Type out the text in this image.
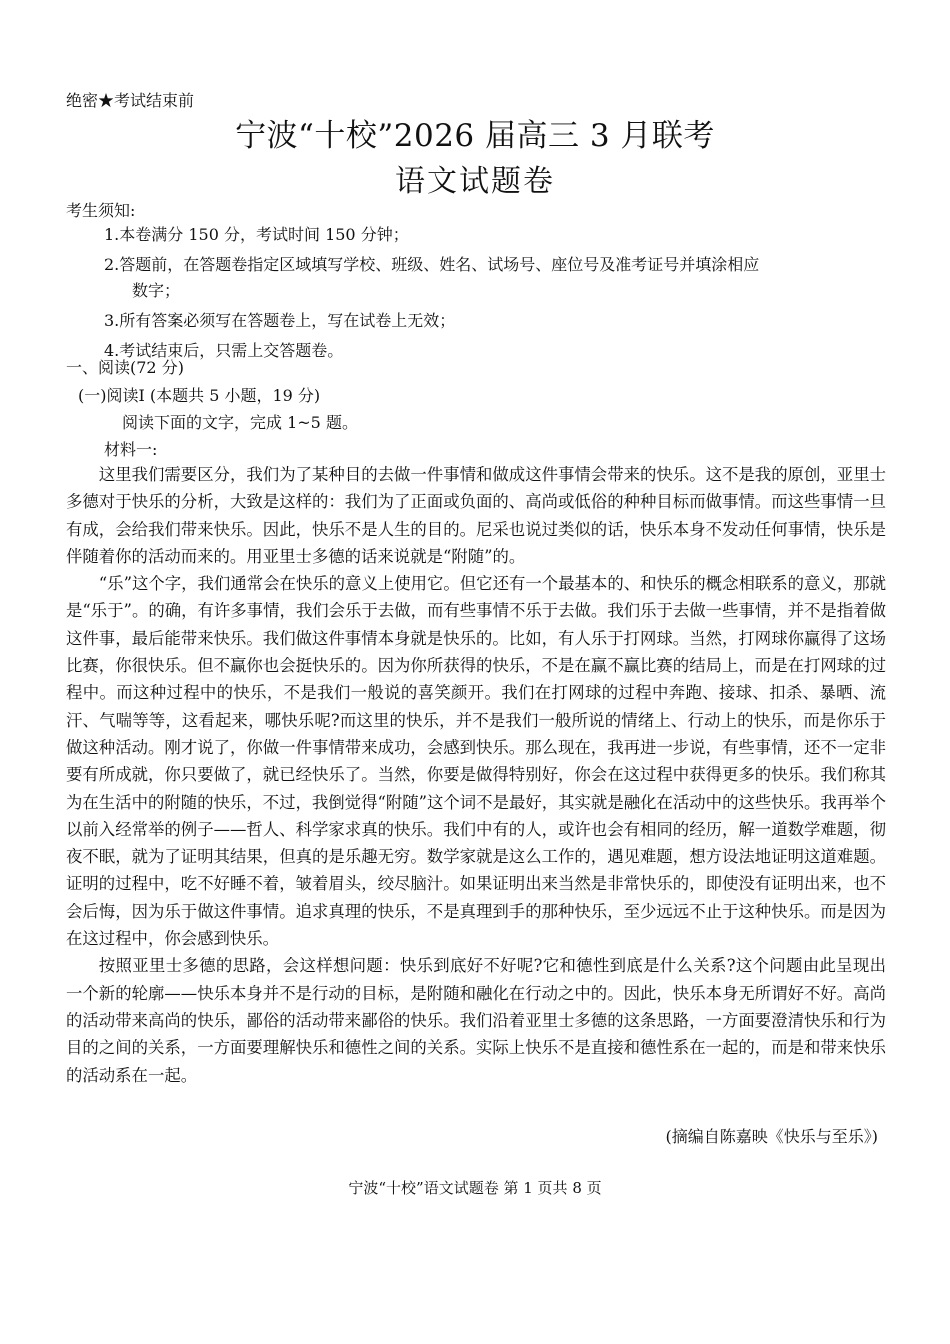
绝密★考试结束前
宁波“十校”2026 届高三 3 月联考
语文试题卷
考生须知:
1.本卷满分 150 分，考试时间 150 分钟；
2.答题前，在答题卷指定区域填写学校、班级、姓名、试场号、座位号及准考证号并填涂相应
数字；
3.所有答案必须写在答题卷上，写在试卷上无效；
4.考试结束后，只需上交答题卷。
一、阅读(72 分)
(一)阅读Ⅰ (本题共 5 小题，19 分)
阅读下面的文字，完成 1~5 题。
材料一:

这里我们需要区分，我们为了某种目的去做一件事情和做成这件事情会带来的快乐。这不是我的原创，亚里士多德对于快乐的分析，大致是这样的：我们为了正面或负面的、高尚或低俗的种种目标而做事情。而这些事情一旦有成，会给我们带来快乐。因此，快乐不是人生的目的。尼采也说过类似的话，快乐本身不发动任何事情，快乐是伴随着你的活动而来的。用亚里士多德的话来说就是“附随”的。

“乐”这个字，我们通常会在快乐的意义上使用它。但它还有一个最基本的、和快乐的概念相联系的意义，那就是“乐于”。的确，有许多事情，我们会乐于去做，而有些事情不乐于去做。我们乐于去做一些事情，并不是指着做这件事，最后能带来快乐。我们做这件事情本身就是快乐的。比如，有人乐于打网球。当然，打网球你赢得了这场比赛，你很快乐。但不赢你也会挺快乐的。因为你所获得的快乐，不是在赢不赢比赛的结局上，而是在打网球的过程中。而这种过程中的快乐，不是我们一般说的喜笑颜开。我们在打网球的过程中奔跑、接球、扣杀、暴晒、流汗、气喘等等，这看起来，哪快乐呢?而这里的快乐，并不是我们一般所说的情绪上、行动上的快乐，而是你乐于做这种活动。刚才说了，你做一件事情带来成功，会感到快乐。那么现在，我再进一步说，有些事情，还不一定非要有所成就，你只要做了，就已经快乐了。当然，你要是做得特别好，你会在这过程中获得更多的快乐。我们称其为在生活中的附随的快乐，不过，我倒觉得“附随”这个词不是最好，其实就是融化在活动中的这些快乐。我再举个以前入经常举的例子——哲人、科学家求真的快乐。我们中有的人，或许也会有相同的经历，解一道数学难题，彻夜不眠，就为了证明其结果，但真的是乐趣无穷。数学家就是这么工作的，遇见难题，想方设法地证明这道难题。证明的过程中，吃不好睡不着，皱着眉头，绞尽脑汁。如果证明出来当然是非常快乐的，即使没有证明出来，也不会后悔，因为乐于做这件事情。追求真理的快乐，不是真理到手的那种快乐，至少远远不止于这种快乐。而是因为在这过程中，你会感到快乐。

按照亚里士多德的思路，会这样想问题：快乐到底好不好呢?它和德性到底是什么关系?这个问题由此呈现出一个新的轮廓——快乐本身并不是行动的目标，是附随和融化在行动之中的。因此，快乐本身无所谓好不好。高尚的活动带来高尚的快乐，鄙俗的活动带来鄙俗的快乐。我们沿着亚里士多德的这条思路，一方面要澄清快乐和行为目的之间的关系，一方面要理解快乐和德性之间的关系。实际上快乐不是直接和德性系在一起的，而是和带来快乐的活动系在一起。

(摘编自陈嘉映《快乐与至乐》)
宁波“十校”语文试题卷 第 1 页共 8 页
